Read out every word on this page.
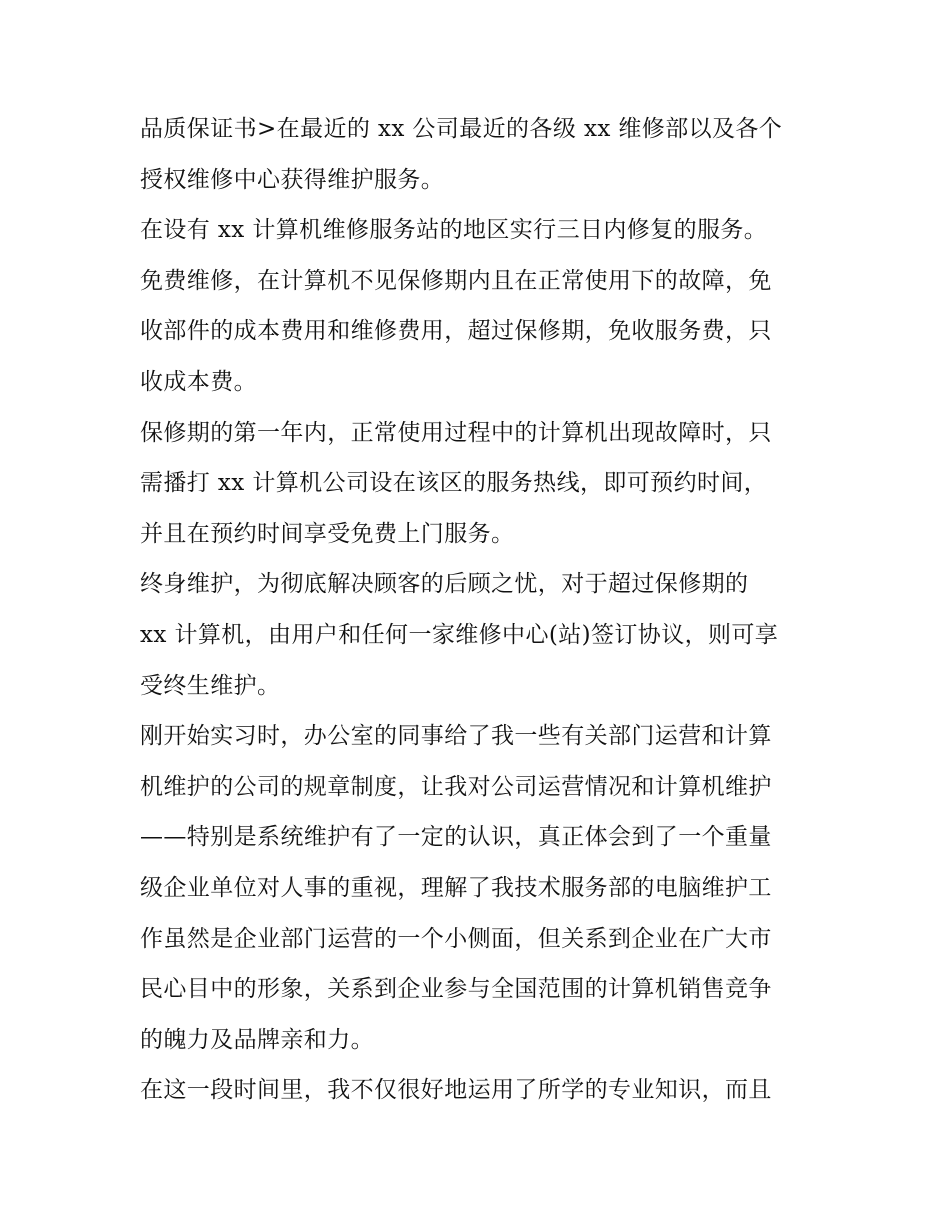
品质保证书>在最近的 xx 公司最近的各级 xx 维修部以及各个
授权维修中心获得维护服务。
在设有 xx 计算机维修服务站的地区实行三日内修复的服务。
免费维修，在计算机不见保修期内且在正常使用下的故障，免
收部件的成本费用和维修费用，超过保修期，免收服务费，只
收成本费。
保修期的第一年内，正常使用过程中的计算机出现故障时，只
需播打 xx 计算机公司设在该区的服务热线，即可预约时间，
并且在预约时间享受免费上门服务。
终身维护，为彻底解决顾客的后顾之忧，对于超过保修期的
xx 计算机，由用户和任何一家维修中心(站)签订协议，则可享
受终生维护。
刚开始实习时，办公室的同事给了我一些有关部门运营和计算
机维护的公司的规章制度，让我对公司运营情况和计算机维护
——特别是系统维护有了一定的认识，真正体会到了一个重量
级企业单位对人事的重视，理解了我技术服务部的电脑维护工
作虽然是企业部门运营的一个小侧面，但关系到企业在广大市
民心目中的形象，关系到企业参与全国范围的计算机销售竞争
的魄力及品牌亲和力。
在这一段时间里，我不仅很好地运用了所学的专业知识，而且
